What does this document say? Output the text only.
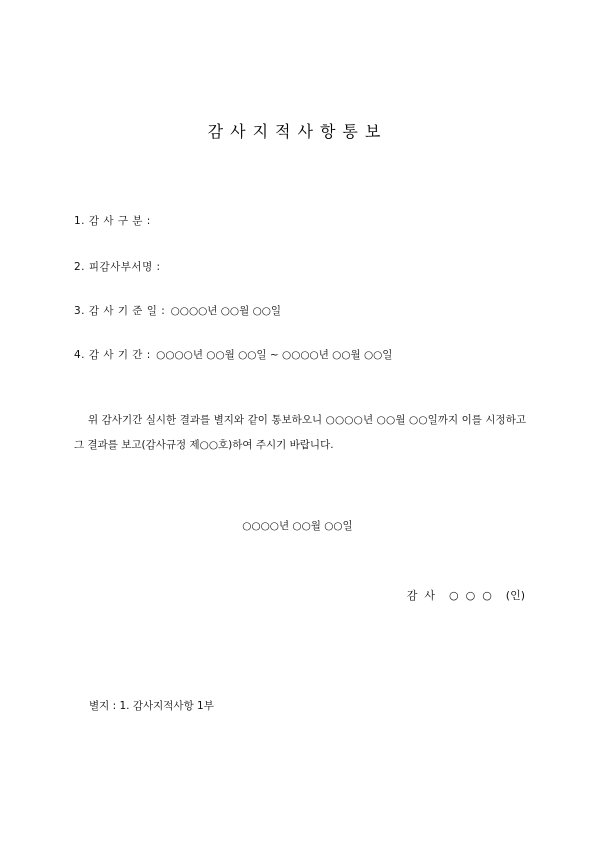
감사지적사항통보
1. 감 사 구 분 :
2. 피감사부서명 :
3. 감 사 기 준 일 : ○○○○년 ○○월 ○○일
4. 감 사 기 간 : ○○○○년 ○○월 ○○일 ~ ○○○○년 ○○월 ○○일
위 감사기간 실시한 결과를 별지와 같이 통보하오니 ○○○○년 ○○월 ○○일까지 이를 시정하고 그 결과를 보고(감사규정 제○○호)하여 주시기 바랍니다.
○○○○년 ○○월 ○○일
감  사    ○  ○  ○    (인)
별지 : 1. 감사지적사항 1부
